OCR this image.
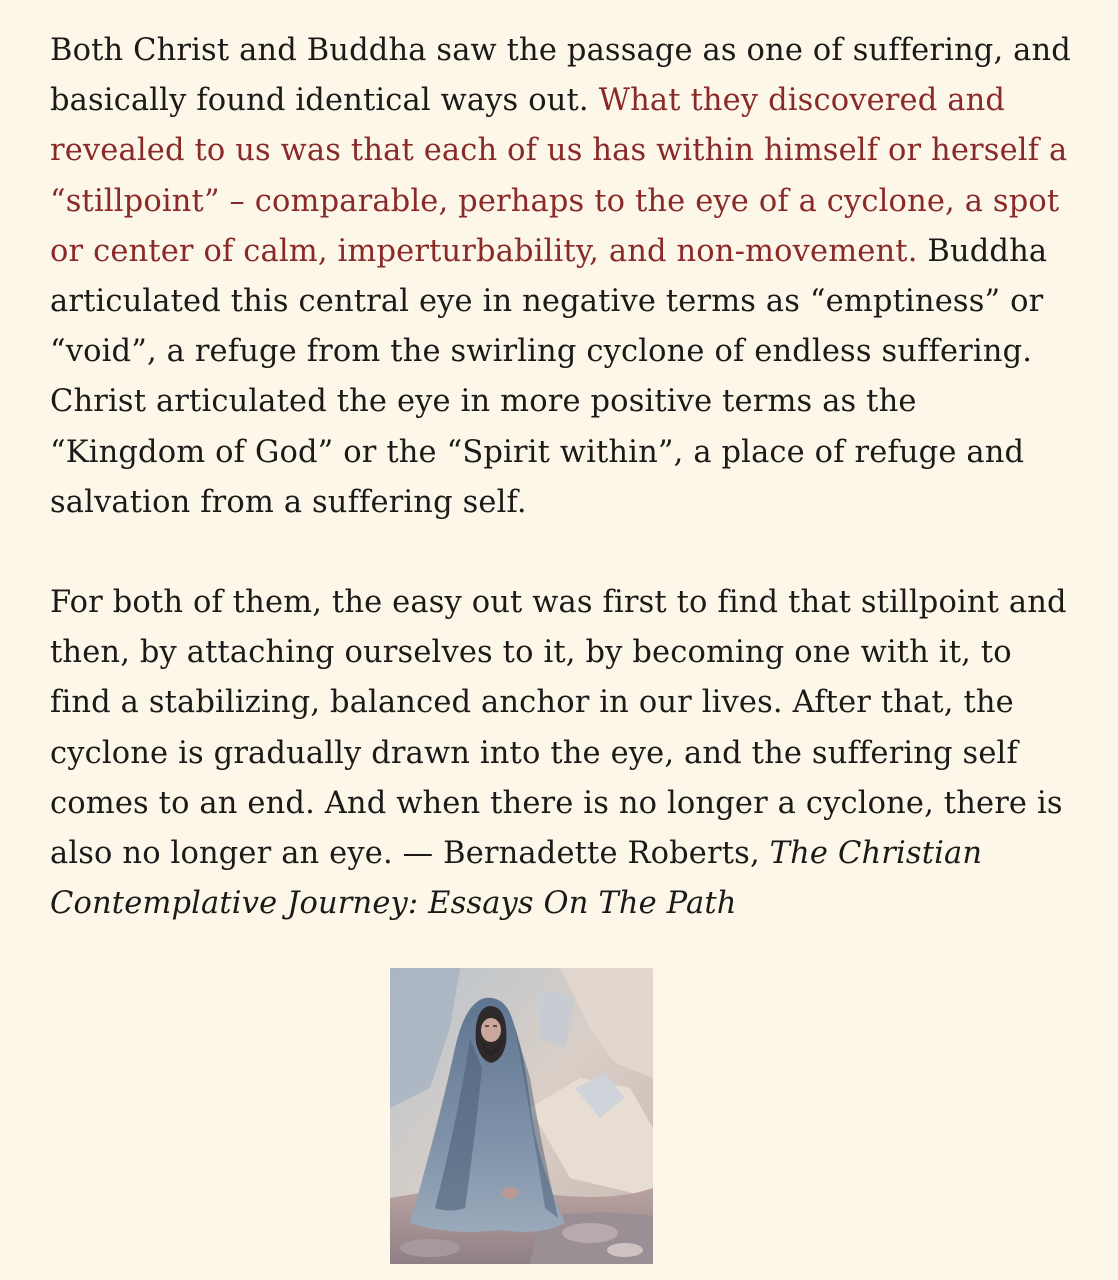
Both Christ and Buddha saw the passage as one of suffering, and basically found identical ways out. What they discovered and revealed to us was that each of us has within himself or herself a “stillpoint” – comparable, perhaps to the eye of a cyclone, a spot or center of calm, imperturbability, and non-movement. Buddha articulated this central eye in negative terms as “emptiness” or “void”, a refuge from the swirling cyclone of endless suffering. Christ articulated the eye in more positive terms as the “Kingdom of God” or the “Spirit within”, a place of refuge and salvation from a suffering self.

For both of them, the easy out was first to find that stillpoint and then, by attaching ourselves to it, by becoming one with it, to find a stabilizing, balanced anchor in our lives. After that, the cyclone is gradually drawn into the eye, and the suffering self comes to an end. And when there is no longer a cyclone, there is also no longer an eye. — Bernadette Roberts, The Christian Contemplative Journey: Essays On The Path
